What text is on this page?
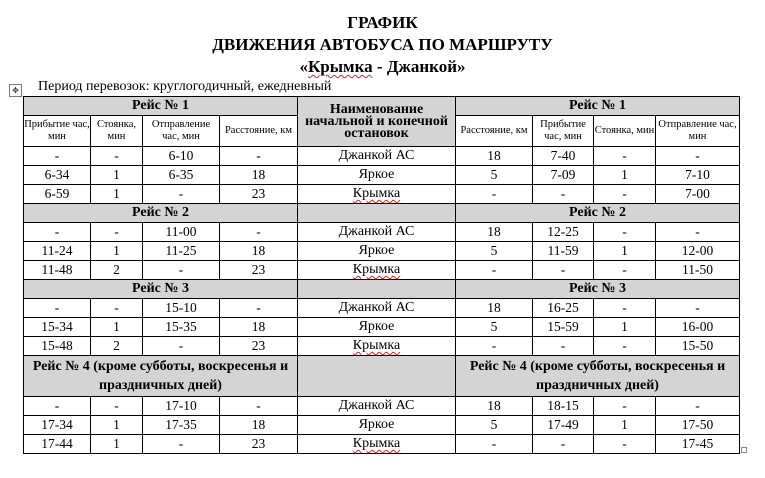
ГРАФИК
ДВИЖЕНИЯ АВТОБУСА ПО МАРШРУТУ
«Крымка - Джанкой»
✥ Период перевозок: круглогодичный, ежедневный
Рейс № 1				Наименование начальной и конечной остановок	Рейс № 1			
Прибытие час, мин	Стоянка, мин	Отправление час, мин	Расстояние, км		Расстояние, км	Прибытие час, мин	Стоянка, мин	Отправление час, мин
-	-	6-10	-	Джанкой АС	18	7-40	-	-
6-34	1	6-35	18	Яркое	5	7-09	1	7-10
6-59	1	-	23	Крымка	-	-	-	7-00
Рейс № 2					Рейс № 2			
-	-	11-00	-	Джанкой АС	18	12-25	-	-
11-24	1	11-25	18	Яркое	5	11-59	1	12-00
11-48	2	-	23	Крымка	-	-	-	11-50
Рейс № 3					Рейс № 3			
-	-	15-10	-	Джанкой АС	18	16-25	-	-
15-34	1	15-35	18	Яркое	5	15-59	1	16-00
15-48	2	-	23	Крымка	-	-	-	15-50
Рейс № 4 (кроме субботы, воскресенья и праздничных дней)					Рейс № 4 (кроме субботы, воскресенья и праздничных дней)			
-	-	17-10	-	Джанкой АС	18	18-15	-	-
17-34	1	17-35	18	Яркое	5	17-49	1	17-50
17-44	1	-	23	Крымка	-	-	-	17-45
